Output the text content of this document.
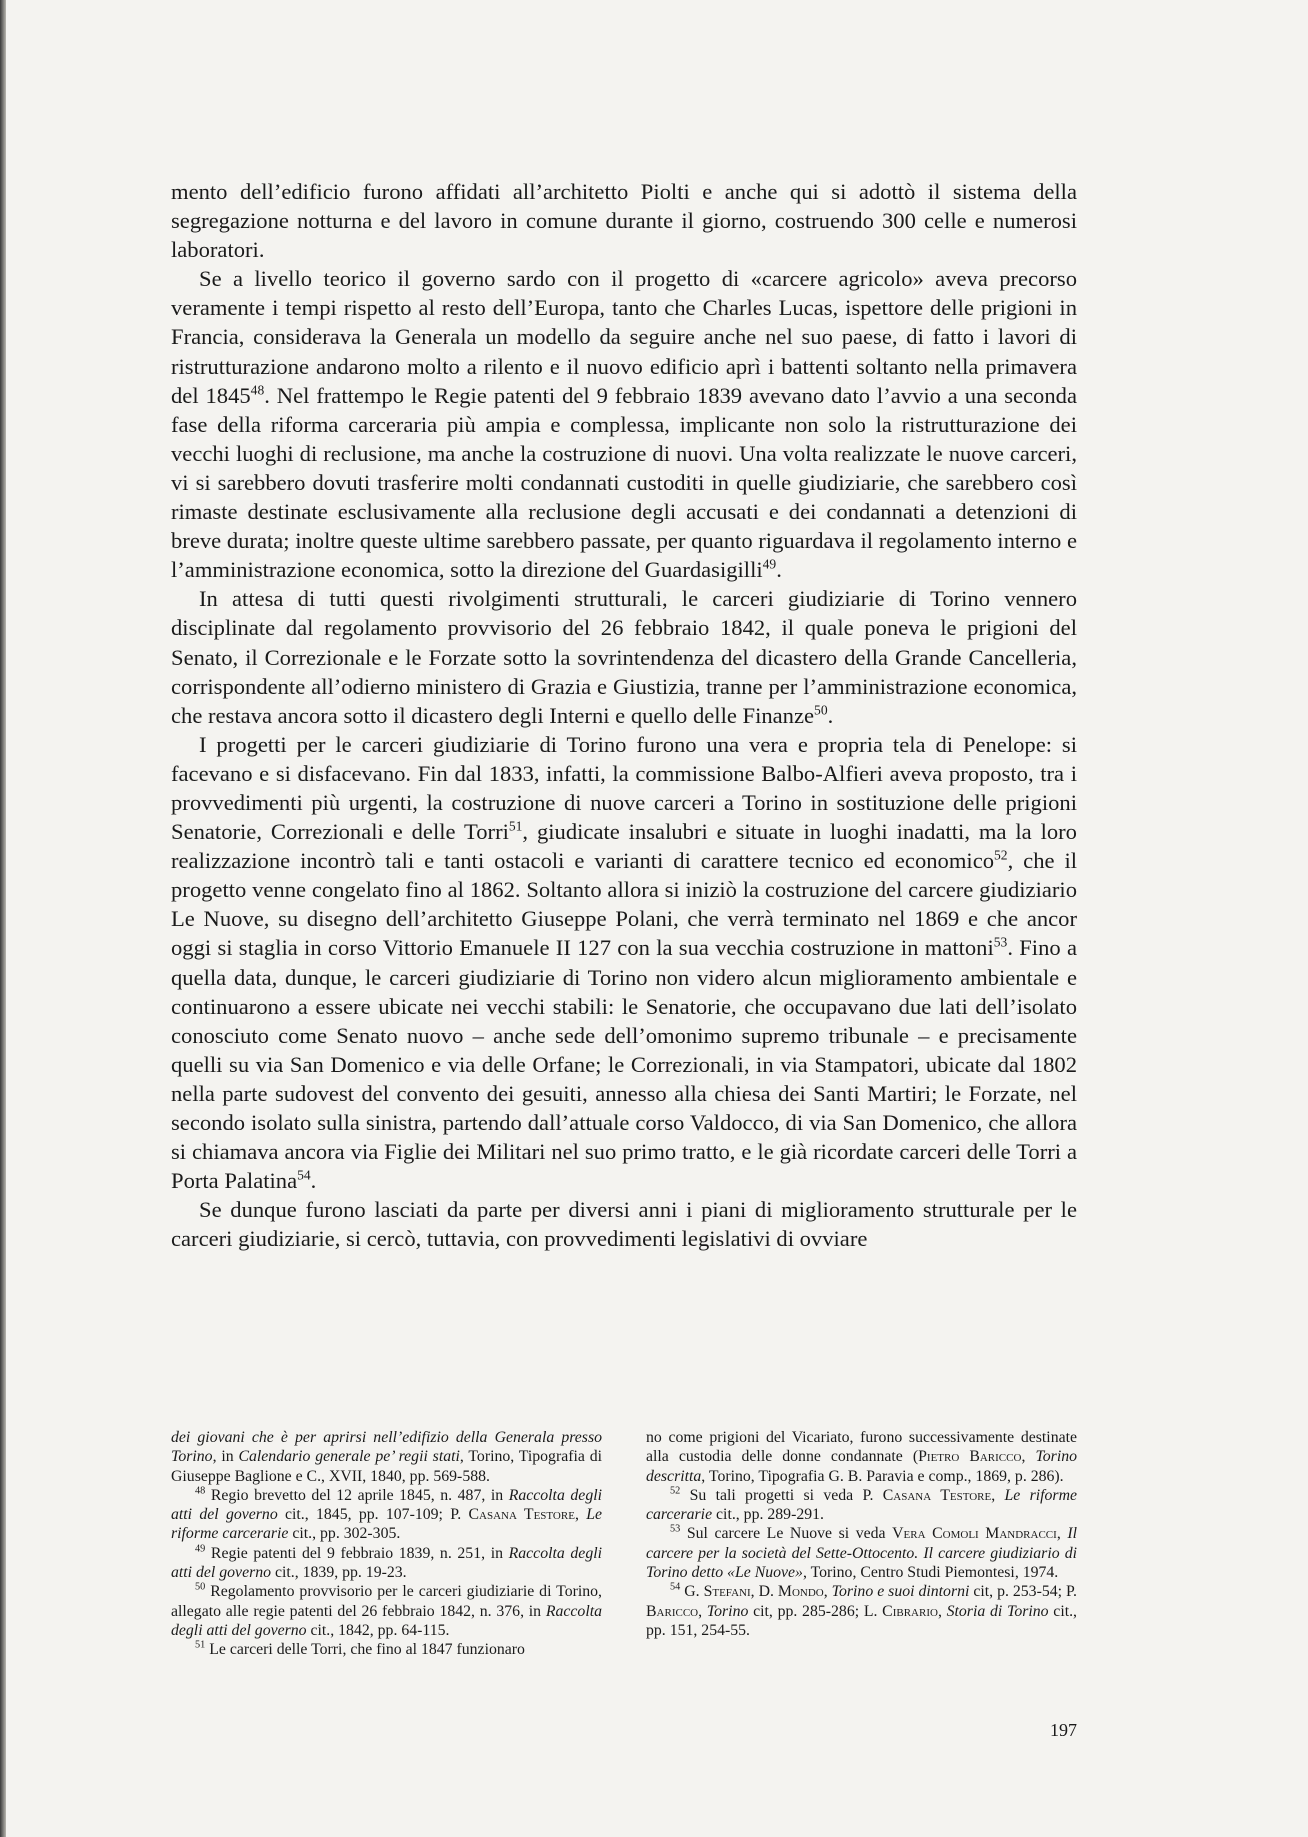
mento dell’edificio furono affidati all’architetto Piolti e anche qui si adottò il sistema della segregazione notturna e del lavoro in comune durante il giorno, costruendo 300 celle e numerosi laboratori.

Se a livello teorico il governo sardo con il progetto di «carcere agricolo» aveva precorso veramente i tempi rispetto al resto dell’Europa, tanto che Charles Lucas, ispettore delle prigioni in Francia, considerava la Generala un modello da seguire anche nel suo paese, di fatto i lavori di ristrutturazione andarono molto a rilento e il nuovo edificio aprì i battenti soltanto nella primavera del 1845$^{48}$. Nel frattempo le Regie patenti del 9 febbraio 1839 avevano dato l’avvio a una seconda fase della riforma carceraria più ampia e complessa, implicante non solo la ristrutturazione dei vecchi luoghi di reclusione, ma anche la costruzione di nuovi. Una volta realizzate le nuove carceri, vi si sarebbero dovuti trasferire molti condannati custoditi in quelle giudiziarie, che sarebbero così rimaste destinate esclusivamente alla reclusione degli accusati e dei condannati a detenzioni di breve durata; inoltre queste ultime sarebbero passate, per quanto riguardava il regolamento interno e l’amministrazione economica, sotto la direzione del Guardasigilli$^{49}$.

In attesa di tutti questi rivolgimenti strutturali, le carceri giudiziarie di Torino vennero disciplinate dal regolamento provvisorio del 26 febbraio 1842, il quale poneva le prigioni del Senato, il Correzionale e le Forzate sotto la sovrintendenza del dicastero della Grande Cancelleria, corrispondente all’odierno ministero di Grazia e Giustizia, tranne per l’amministrazione economica, che restava ancora sotto il dicastero degli Interni e quello delle Finanze$^{50}$.

I progetti per le carceri giudiziarie di Torino furono una vera e propria tela di Penelope: si facevano e si disfacevano. Fin dal 1833, infatti, la commissione Balbo-Alfieri aveva proposto, tra i provvedimenti più urgenti, la costruzione di nuove carceri a Torino in sostituzione delle prigioni Senatorie, Correzionali e delle Torri$^{51}$, giudicate insalubri e situate in luoghi inadatti, ma la loro realizzazione incontrò tali e tanti ostacoli e varianti di carattere tecnico ed economico$^{52}$, che il progetto venne congelato fino al 1862. Soltanto allora si iniziò la costruzione del carcere giudiziario Le Nuove, su disegno dell’architetto Giuseppe Polani, che verrà terminato nel 1869 e che ancor oggi si staglia in corso Vittorio Emanuele II 127 con la sua vecchia costruzione in mattoni$^{53}$. Fino a quella data, dunque, le carceri giudiziarie di Torino non videro alcun miglioramento ambientale e continuarono a essere ubicate nei vecchi stabili: le Senatorie, che occupavano due lati dell’isolato conosciuto come Senato nuovo – anche sede dell’omonimo supremo tribunale – e precisamente quelli su via San Domenico e via delle Orfane; le Correzionali, in via Stampatori, ubicate dal 1802 nella parte sudovest del convento dei gesuiti, annesso alla chiesa dei Santi Martiri; le Forzate, nel secondo isolato sulla sinistra, partendo dall’attuale corso Valdocco, di via San Domenico, che allora si chiamava ancora via Figlie dei Militari nel suo primo tratto, e le già ricordate carceri delle Torri a Porta Palatina$^{54}$.

Se dunque furono lasciati da parte per diversi anni i piani di miglioramento strutturale per le carceri giudiziarie, si cercò, tuttavia, con provvedimenti legislativi di ovviare

dei giovani che è per aprirsi nell’edifizio della Generala presso Torino, in Calendario generale pe’ regii stati, Torino, Tipografia di Giuseppe Baglione e C., XVII, 1840, pp. 569-588.

$^{48}$ Regio brevetto del 12 aprile 1845, n. 487, in Raccolta degli atti del governo cit., 1845, pp. 107-109; P. Casana Testore, Le riforme carcerarie cit., pp. 302-305.

$^{49}$ Regie patenti del 9 febbraio 1839, n. 251, in Raccolta degli atti del governo cit., 1839, pp. 19-23.

$^{50}$ Regolamento provvisorio per le carceri giudiziarie di Torino, allegato alle regie patenti del 26 febbraio 1842, n. 376, in Raccolta degli atti del governo cit., 1842, pp. 64-115.

$^{51}$ Le carceri delle Torri, che fino al 1847 funzionaro

no come prigioni del Vicariato, furono successivamente destinate alla custodia delle donne condannate (Pietro Baricco, Torino descritta, Torino, Tipografia G. B. Paravia e comp., 1869, p. 286).

$^{52}$ Su tali progetti si veda P. Casana Testore, Le riforme carcerarie cit., pp. 289-291.

$^{53}$ Sul carcere Le Nuove si veda Vera Comoli Mandracci, Il carcere per la società del Sette-Ottocento. Il carcere giudiziario di Torino detto «Le Nuove», Torino, Centro Studi Piemontesi, 1974.

$^{54}$ G. Stefani, D. Mondo, Torino e suoi dintorni cit, p. 253-54; P. Baricco, Torino cit, pp. 285-286; L. Cibrario, Storia di Torino cit., pp. 151, 254-55.

197
